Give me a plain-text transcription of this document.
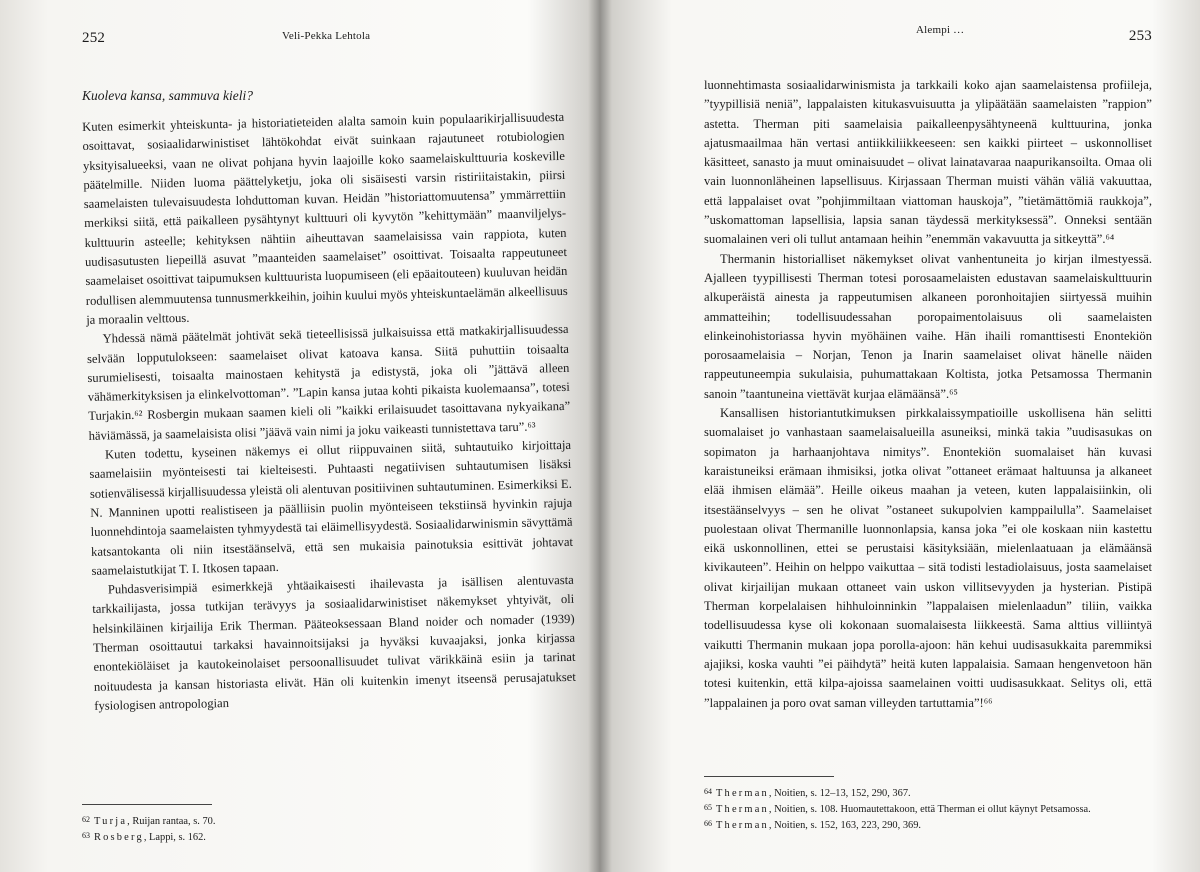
252	Veli-Pekka Lehtola
Kuoleva kansa, sammuva kieli?

Kuten esimerkit yhteiskunta- ja historiatieteiden alalta samoin kuin populaarikirjallisuudesta osoittavat, sosiaalidarwinistiset lähtökohdat eivät suinkaan rajautuneet rotubiologien yksityisalueeksi, vaan ne olivat pohjana hyvin laajoille koko saamelaiskulttuuria koskeville päätelmille. Niiden luoma päättelyketju, joka oli sisäisesti varsin ristiriitaistakin, piirsi saamelaisten tulevaisuudesta lohduttoman kuvan. Heidän ”historiattomuutensa” ymmärrettiin merkiksi siitä, että paikalleen pysähtynyt kulttuuri oli kyvytön ”kehittymään” maanviljelyskulttuurin asteelle; kehityksen nähtiin aiheuttavan saamelaisissa vain rappiota, kuten uudisasutusten liepeillä asuvat ”maanteiden saamelaiset” osoittivat. Toisaalta rappeutuneet saamelaiset osoittivat taipumuksen kulttuurista luopumiseen (eli epäaitouteen) kuuluvan heidän rodullisen alemmuutensa tunnusmerkkeihin, joihin kuului myös yhteiskuntaelämän alkeellisuus ja moraalin velttous.

Yhdessä nämä päätelmät johtivät sekä tieteellisissä julkaisuissa että matkakirjallisuudessa selvään lopputulokseen: saamelaiset olivat katoava kansa. Siitä puhuttiin toisaalta surumielisesti, toisaalta mainostaen kehitystä ja edistystä, joka oli ”jättävä alleen vähämerkityksisen ja elinkelvottoman”. ”Lapin kansa jutaa kohti pikaista kuolemaansa”, totesi Turjakin.⁶² Rosbergin mukaan saamen kieli oli ”kaikki erilaisuudet tasoittavana nykyaikana” häviämässä, ja saamelaisista olisi ”jäävä vain nimi ja joku vaikeasti tunnistettava taru”.⁶³

Kuten todettu, kyseinen näkemys ei ollut riippuvainen siitä, suhtautuiko kirjoittaja saamelaisiin myönteisesti tai kielteisesti. Puhtaasti negatiivisen suhtautumisen lisäksi sotienvälisessä kirjallisuudessa yleistä oli alentuvan positiivinen suhtautuminen. Esimerkiksi E. N. Manninen upotti realistiseen ja päälliisin puolin myönteiseen tekstiinsä hyvinkin rajuja luonnehdintoja saamelaisten tyhmyydestä tai eläimellisyydestä. Sosiaalidarwinismin sävyttämä katsantokanta oli niin itsestäänselvä, että sen mukaisia painotuksia esittivät johtavat saamelaistutkijat T. I. Itkosen tapaan.

Puhdasverisimpiä esimerkkejä yhtäaikaisesti ihailevasta ja isällisen alentuvasta tarkkailijasta, jossa tutkijan terävyys ja sosiaalidarwinistiset näkemykset yhtyivät, oli helsinkiläinen kirjailija Erik Therman. Pääteoksessaan Bland noider och nomader (1939) Therman osoittautui tarkaksi havainnoitsijaksi ja hyväksi kuvaajaksi, jonka kirjassa enontekiöläiset ja kautokeinolaiset persoonallisuudet tulivat värikkäinä esiin ja tarinat noituudesta ja kansan historiasta elivät. Hän oli kuitenkin imenyt itseensä perusajatukset fysiologisen antropologian

62 Turja, Ruijan rantaa, s. 70.

63 Rosberg, Lappi, s. 162.

Alempi …	253

luonnehtimasta sosiaalidarwinismista ja tarkkaili koko ajan saamelaistensa profiileja, ”tyypillisiä neniä”, lappalaisten kitukasvuisuutta ja ylipäätään saamelaisten ”rappion” astetta. Therman piti saamelaisia paikalleenpysähtyneenä kulttuurina, jonka ajatusmaailmaa hän vertasi antiikkiliikkeeseen: sen kaikki piirteet – uskonnolliset käsitteet, sanasto ja muut ominaisuudet – olivat lainatavaraa naapurikansoilta. Omaa oli vain luonnonläheinen lapsellisuus. Kirjassaan Therman muisti vähän väliä vakuuttaa, että lappalaiset ovat ”pohjimmiltaan viattoman hauskoja”, ”tietämättömiä raukkoja”, ”uskomattoman lapsellisia, lapsia sanan täydessä merkityksessä”. Onneksi sentään suomalainen veri oli tullut antamaan heihin ”enemmän vakavuutta ja sitkeyttä”.⁶⁴

Thermanin historialliset näkemykset olivat vanhentuneita jo kirjan ilmestyessä. Ajalleen tyypillisesti Therman totesi porosaamelaisten edustavan saamelaiskulttuurin alkuperäistä ainesta ja rappeutumisen alkaneen poronhoitajien siirtyessä muihin ammatteihin; todellisuudessahan poropaimentolaisuus oli saamelaisten elinkeinohistoriassa hyvin myöhäinen vaihe. Hän ihaili romanttisesti Enontekiön porosaamelaisia – Norjan, Tenon ja Inarin saamelaiset olivat hänelle näiden rappeutuneempia sukulaisia, puhumattakaan Koltista, jotka Petsamossa Thermanin sanoin ”taantuneina viettävät kurjaa elämäänsä”.⁶⁵

Kansallisen historiantutkimuksen pirkkalaissympatioille uskollisena hän selitti suomalaiset jo vanhastaan saamelaisalueilla asuneiksi, minkä takia ”uudisasukas on sopimaton ja harhaanjohtava nimitys”. Enontekiön suomalaiset hän kuvasi karaistuneiksi erämaan ihmisiksi, jotka olivat ”ottaneet erämaat haltuunsa ja alkaneet elää ihmisen elämää”. Heille oikeus maahan ja veteen, kuten lappalaisiinkin, oli itsestäänselvyys – sen he olivat ”ostaneet sukupolvien kamppailulla”. Saamelaiset puolestaan olivat Thermanille luonnonlapsia, kansa joka ”ei ole koskaan niin kastettu eikä uskonnollinen, ettei se perustaisi käsityksiään, mielenlaatuaan ja elämäänsä kivikauteen”. Heihin on helppo vaikuttaa – sitä todisti lestadiolaisuus, josta saamelaiset olivat kirjailijan mukaan ottaneet vain uskon villitsevyyden ja hysterian. Pistipä Therman korpelalaisen hihhuloinninkin ”lappalaisen mielenlaadun” tiliin, vaikka todellisuudessa kyse oli kokonaan suomalaisesta liikkeestä. Sama alttius villiintyä vaikutti Thermanin mukaan jopa porolla-ajoon: hän kehui uudisasukkaita paremmiksi ajajiksi, koska vauhti ”ei päihdytä” heitä kuten lappalaisia. Samaan hengenvetoon hän totesi kuitenkin, että kilpa-ajoissa saamelainen voitti uudisasukkaat. Selitys oli, että ”lappalainen ja poro ovat saman villeyden tartuttamia”!⁶⁶

64 Therman, Noitien, s. 12–13, 152, 290, 367.

65 Therman, Noitien, s. 108. Huomautettakoon, että Therman ei ollut käynyt Petsamossa.

66 Therman, Noitien, s. 152, 163, 223, 290, 369.
